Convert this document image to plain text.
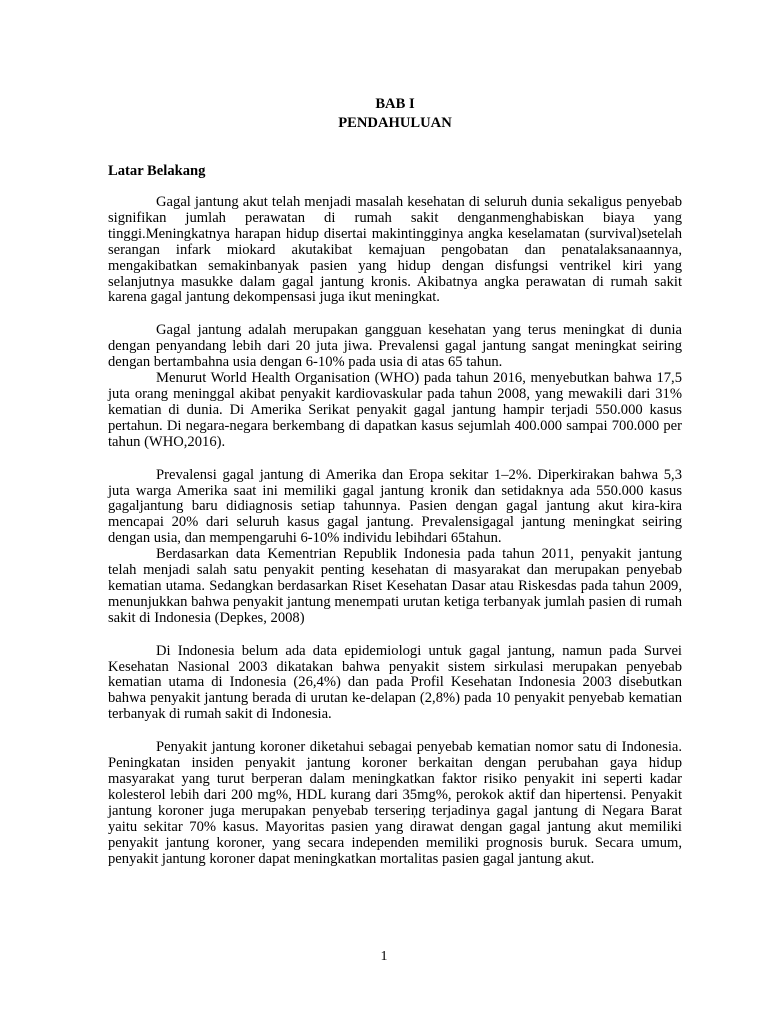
BAB I

PENDAHULUAN

Latar Belakang

Gagal jantung akut telah menjadi masalah kesehatan di seluruh dunia sekaligus penyebab signifikan jumlah perawatan di rumah sakit denganmenghabiskan biaya yang tinggi.Meningkatnya harapan hidup disertai makintingginya angka keselamatan (survival)setelah serangan infark miokard akutakibat kemajuan pengobatan dan penatalaksanaannya, mengakibatkan semakinbanyak pasien yang hidup dengan disfungsi ventrikel kiri yang selanjutnya masukke dalam gagal jantung kronis. Akibatnya angka perawatan di rumah sakit karena gagal jantung dekompensasi juga ikut meningkat.

Gagal jantung adalah merupakan gangguan kesehatan yang terus meningkat di dunia dengan penyandang lebih dari 20 juta jiwa. Prevalensi gagal jantung sangat meningkat seiring dengan bertambahna usia dengan 6-10% pada usia di atas 65 tahun.

Menurut World Health Organisation (WHO) pada tahun 2016, menyebutkan bahwa 17,5 juta orang meninggal akibat penyakit kardiovaskular pada tahun 2008, yang mewakili dari 31% kematian di dunia. Di Amerika Serikat penyakit gagal jantung hampir terjadi 550.000 kasus pertahun. Di negara-negara berkembang di dapatkan kasus sejumlah 400.000 sampai 700.000 per tahun (WHO,2016).

Prevalensi gagal jantung di Amerika dan Eropa sekitar 1–2%. Diperkirakan bahwa 5,3 juta warga Amerika saat ini memiliki gagal jantung kronik dan setidaknya ada 550.000 kasus gagaljantung baru didiagnosis setiap tahunnya. Pasien dengan gagal jantung akut kira-kira mencapai 20% dari seluruh kasus gagal jantung. Prevalensigagal jantung meningkat seiring dengan usia, dan mempengaruhi 6-10% individu lebihdari 65tahun.

Berdasarkan data Kementrian Republik Indonesia pada tahun 2011, penyakit jantung telah menjadi salah satu penyakit penting kesehatan di masyarakat dan merupakan penyebab kematian utama. Sedangkan berdasarkan Riset Kesehatan Dasar atau Riskesdas pada tahun 2009, menunjukkan bahwa penyakit jantung menempati urutan ketiga terbanyak jumlah pasien di rumah sakit di Indonesia (Depkes, 2008)

Di Indonesia belum ada data epidemiologi untuk gagal jantung, namun pada Survei Kesehatan Nasional 2003 dikatakan bahwa penyakit sistem sirkulasi merupakan penyebab kematian utama di Indonesia (26,4%) dan pada Profil Kesehatan Indonesia 2003 disebutkan bahwa penyakit jantung berada di urutan ke-delapan (2,8%) pada 10 penyakit penyebab kematian terbanyak di rumah sakit di Indonesia.

Penyakit jantung koroner diketahui sebagai penyebab kematian nomor satu di Indonesia. Peningkatan insiden penyakit jantung koroner berkaitan dengan perubahan gaya hidup masyarakat yang turut berperan dalam meningkatkan faktor risiko penyakit ini seperti kadar kolesterol lebih dari 200 mg%, HDL kurang dari 35mg%, perokok aktif dan hipertensi. Penyakit jantung koroner juga merupakan penyebab terseriņg terjadinya gagal jantung di Negara Barat yaitu sekitar 70% kasus. Mayoritas pasien yang dirawat dengan gagal jantung akut memiliki penyakit jantung koroner, yang secara independen memiliki prognosis buruk. Secara umum, penyakit jantung koroner dapat meningkatkan mortalitas pasien gagal jantung akut.

1
